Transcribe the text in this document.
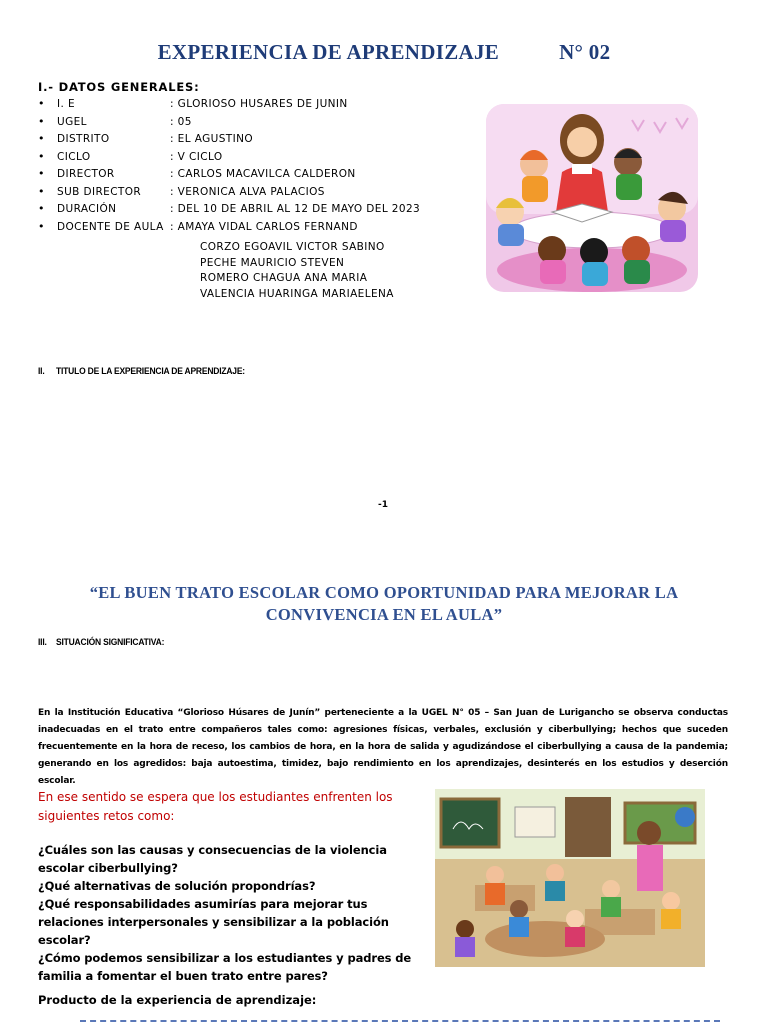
EXPERIENCIA DE APRENDIZAJE	N° 02
I.- DATOS GENERALES:
• I. E	: GLORIOSO HUSARES DE JUNIN
• UGEL	: 05
• DISTRITO	: EL AGUSTINO
• CICLO	: V CICLO
• DIRECTOR	: CARLOS MACAVILCA CALDERON
• SUB DIRECTOR	: VERONICA ALVA PALACIOS
• DURACIÓN	: DEL 10 DE ABRIL AL 12 DE MAYO DEL 2023
• DOCENTE DE AULA : AMAYA VIDAL CARLOS FERNAND
CORZO EGOAVIL VICTOR SABINO
PECHE MAURICIO STEVEN
ROMERO CHAGUA ANA MARIA
VALENCIA HUARINGA MARIAELENA
II. TITULO DE LA EXPERIENCIA DE APRENDIZAJE:
-1
“EL BUEN TRATO ESCOLAR COMO OPORTUNIDAD PARA MEJORAR LA
CONVIVENCIA EN EL AULA”
III. SITUACIÓN SIGNIFICATIVA:
En la Institución Educativa “Glorioso Húsares de Junín” perteneciente a la UGEL N° 05 – San Juan de Lurigancho se observa conductas inadecuadas en el trato entre compañeros tales como: agresiones físicas, verbales, exclusión y ciberbullying; hechos que suceden frecuentemente en la hora de receso, los cambios de hora, en la hora de salida y agudizándose el ciberbullying a causa de la pandemia; generando en los agredidos: baja autoestima, timidez, bajo rendimiento en los aprendizajes, desinterés en los estudios y deserción escolar.
En ese sentido se espera que los estudiantes enfrenten los siguientes retos como:
¿Cuáles son las causas y consecuencias de la violencia escolar ciberbullying?
¿Qué alternativas de solución propondrías?
¿Qué responsabilidades asumirías para mejorar tus relaciones interpersonales y sensibilizar a la población escolar?
¿Cómo podemos sensibilizar a los estudiantes y padres de familia a fomentar el buen trato entre pares?
Producto de la experiencia de aprendizaje:
